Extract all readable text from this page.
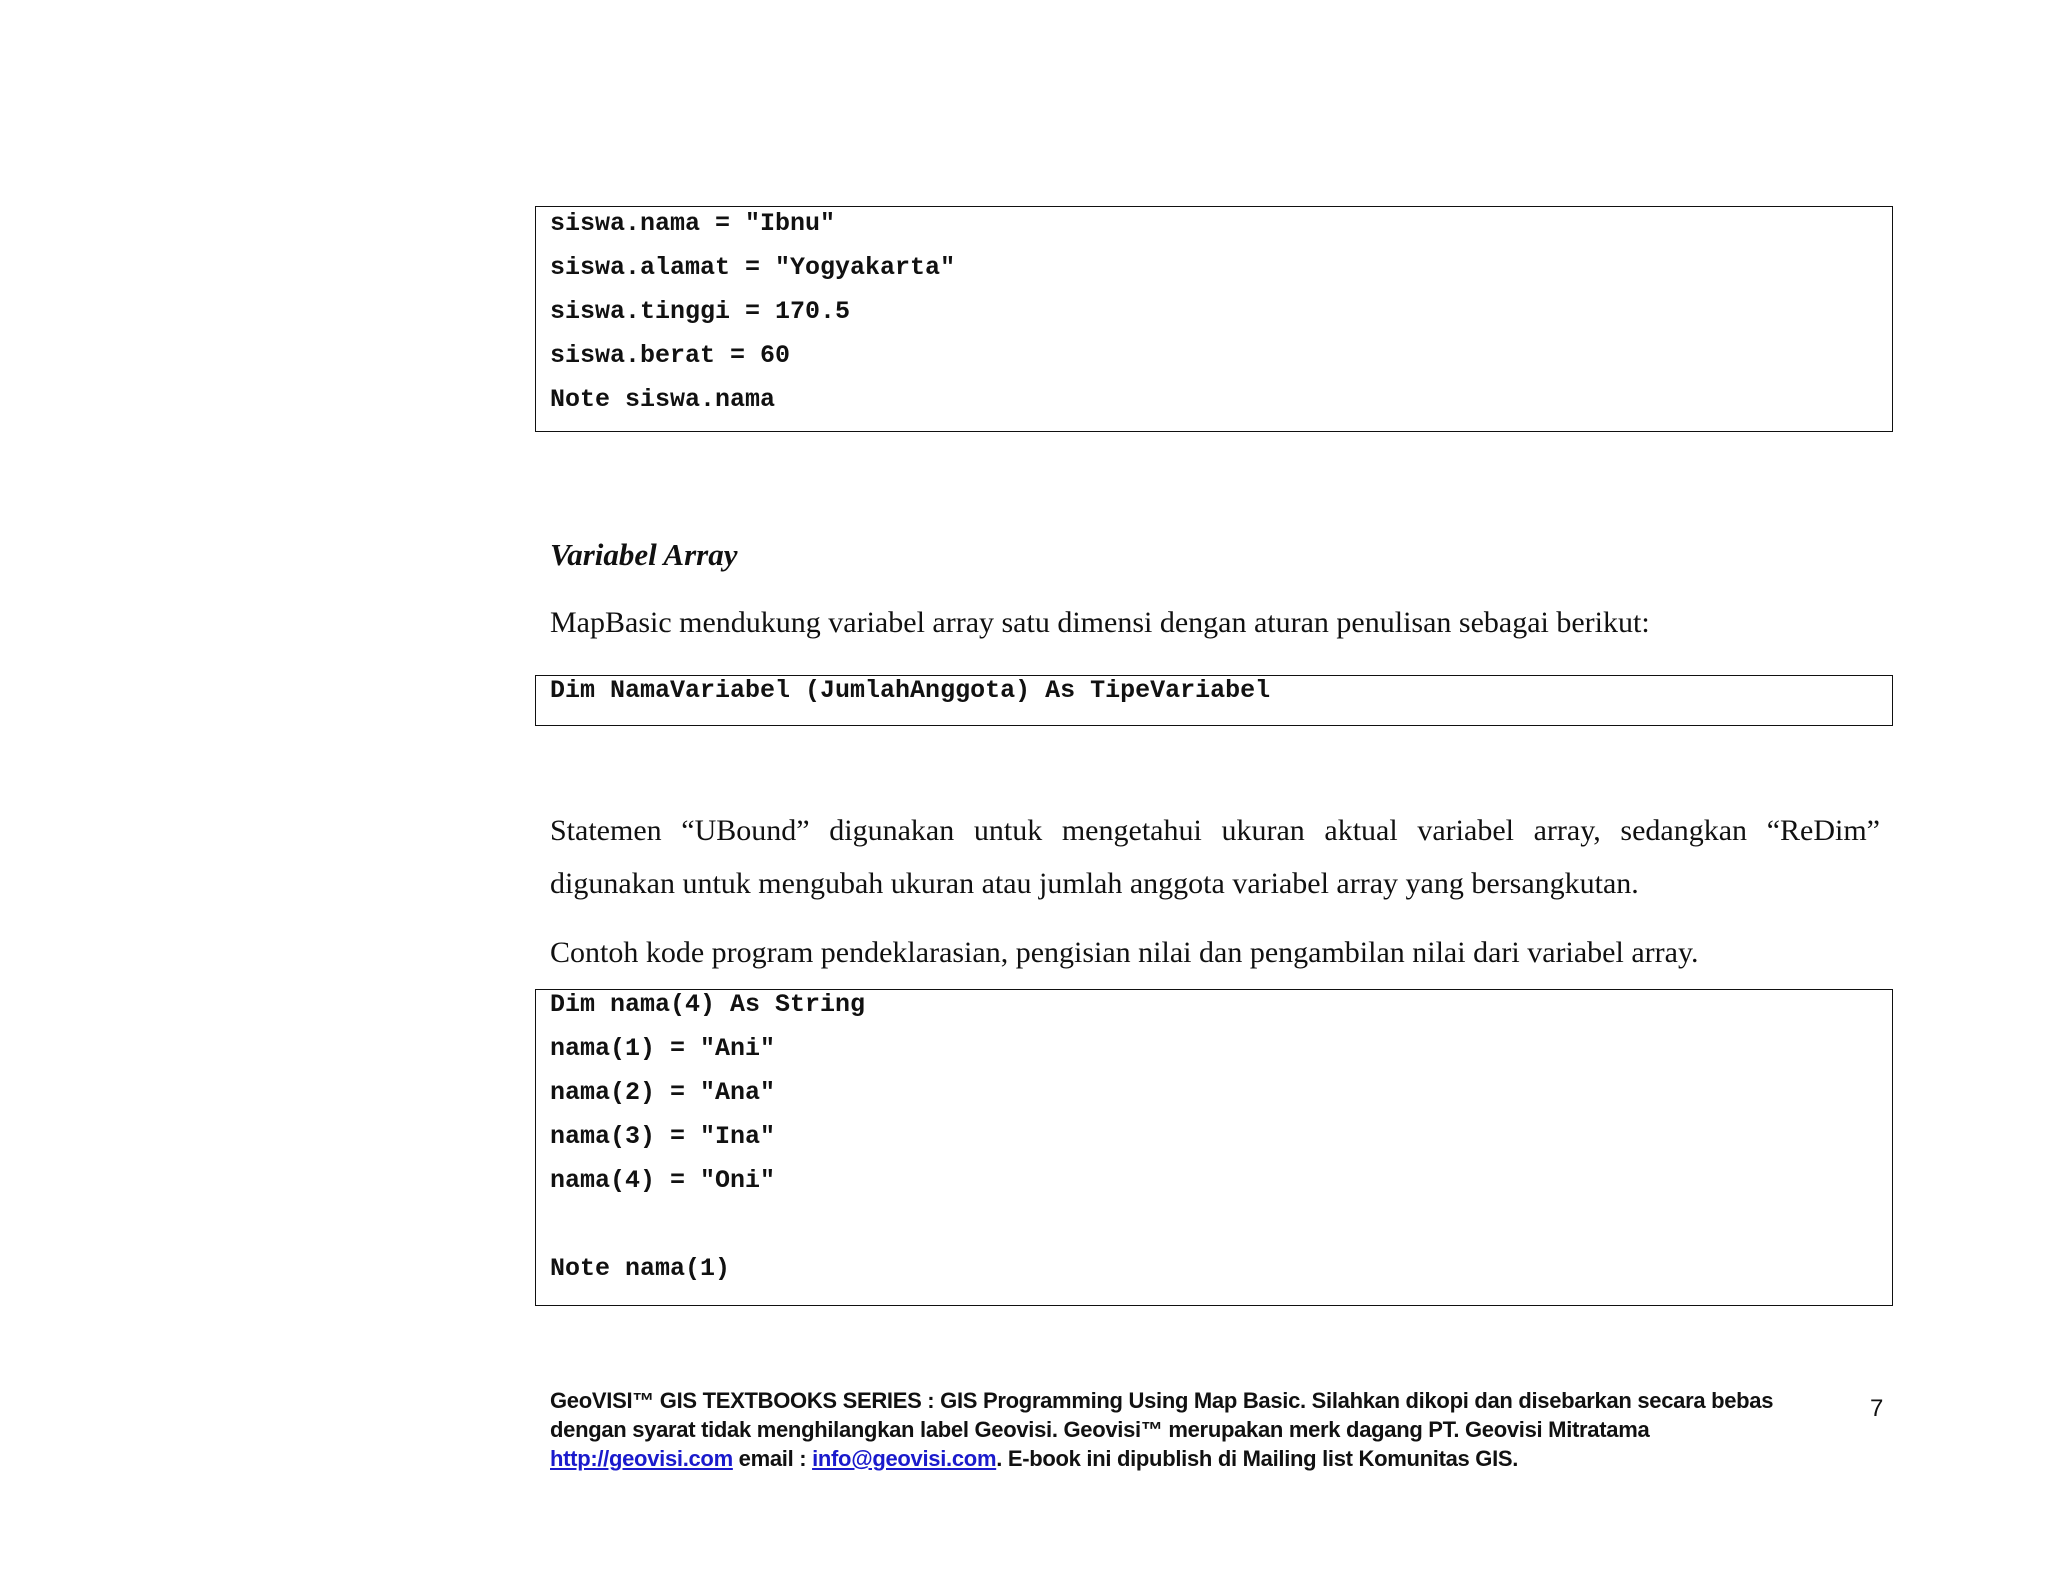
siswa.nama = "Ibnu"
siswa.alamat = "Yogyakarta"
siswa.tinggi = 170.5
siswa.berat = 60
Note siswa.nama
Variabel Array
MapBasic mendukung variabel array satu dimensi dengan aturan penulisan sebagai berikut:
Dim NamaVariabel (JumlahAnggota) As TipeVariabel
Statemen “UBound” digunakan untuk mengetahui ukuran aktual variabel array, sedangkan “ReDim”
digunakan untuk mengubah ukuran atau jumlah anggota variabel array yang bersangkutan.
Contoh kode program pendeklarasian, pengisian nilai dan pengambilan nilai dari variabel array.
Dim nama(4) As String
nama(1) = "Ani"
nama(2) = "Ana"
nama(3) = "Ina"
nama(4) = "Oni"
Note nama(1)
GeoVISI™ GIS TEXTBOOKS SERIES : GIS Programming Using Map Basic. Silahkan dikopi dan disebarkan secara bebas
dengan syarat tidak menghilangkan label Geovisi. Geovisi™ merupakan merk dagang PT. Geovisi Mitratama
http://geovisi.com email : info@geovisi.com. E-book ini dipublish di Mailing list Komunitas GIS.
7
